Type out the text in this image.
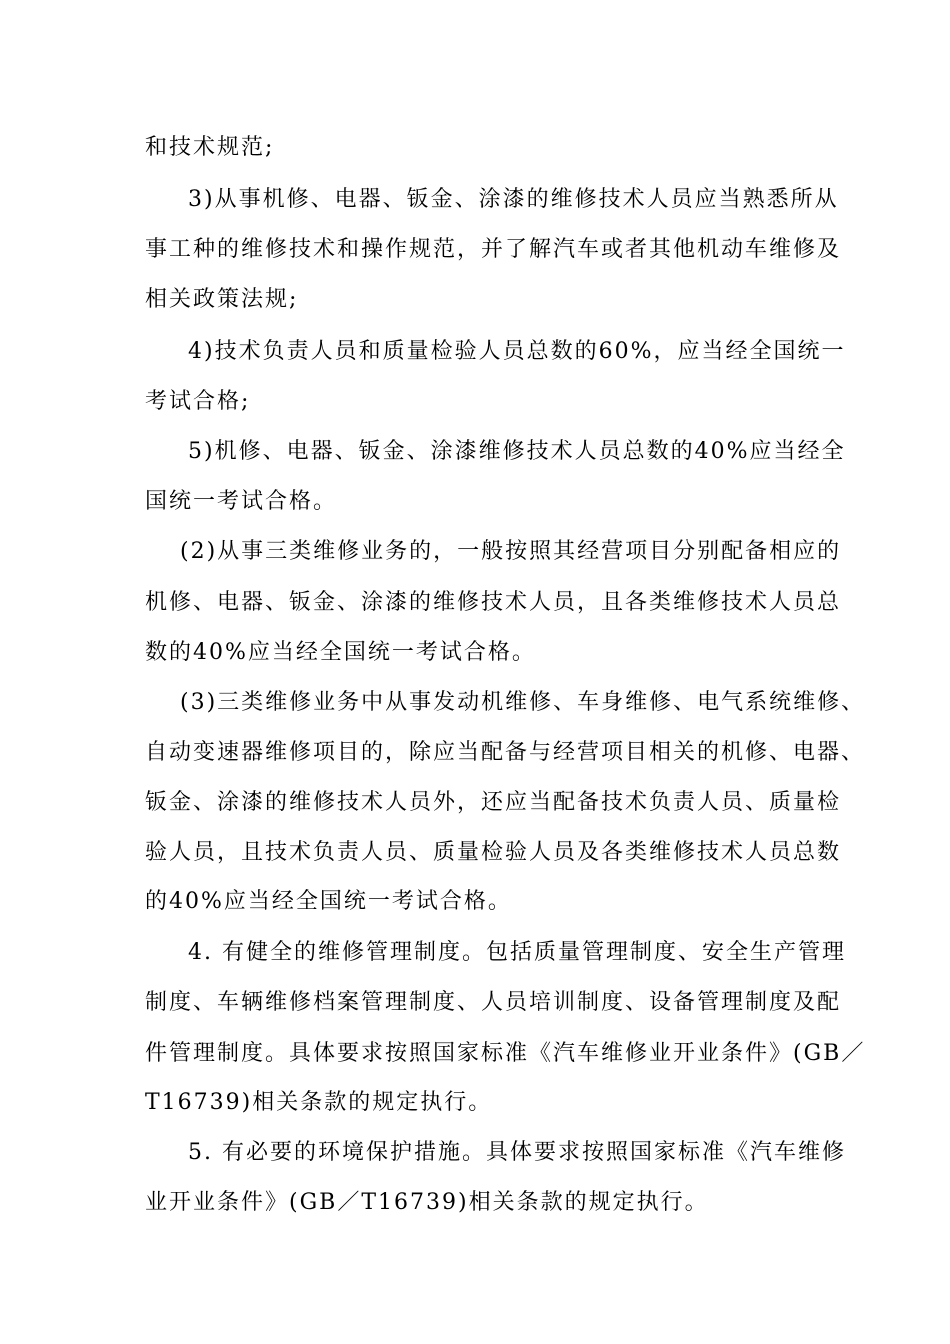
和技术规范;
3)从事机修、电器、钣金、涂漆的维修技术人员应当熟悉所从
事工种的维修技术和操作规范，并了解汽车或者其他机动车维修及
相关政策法规;
4)技术负责人员和质量检验人员总数的60%，应当经全国统一
考试合格;
5)机修、电器、钣金、涂漆维修技术人员总数的40%应当经全
国统一考试合格。
(2)从事三类维修业务的，一般按照其经营项目分别配备相应的
机修、电器、钣金、涂漆的维修技术人员，且各类维修技术人员总
数的40%应当经全国统一考试合格。
(3)三类维修业务中从事发动机维修、车身维修、电气系统维修、
自动变速器维修项目的，除应当配备与经营项目相关的机修、电器、
钣金、涂漆的维修技术人员外，还应当配备技术负责人员、质量检
验人员，且技术负责人员、质量检验人员及各类维修技术人员总数
的40%应当经全国统一考试合格。
4. 有健全的维修管理制度。包括质量管理制度、安全生产管理
制度、车辆维修档案管理制度、人员培训制度、设备管理制度及配
件管理制度。具体要求按照国家标准《汽车维修业开业条件》(GB／
T16739)相关条款的规定执行。
5. 有必要的环境保护措施。具体要求按照国家标准《汽车维修
业开业条件》(GB／T16739)相关条款的规定执行。
